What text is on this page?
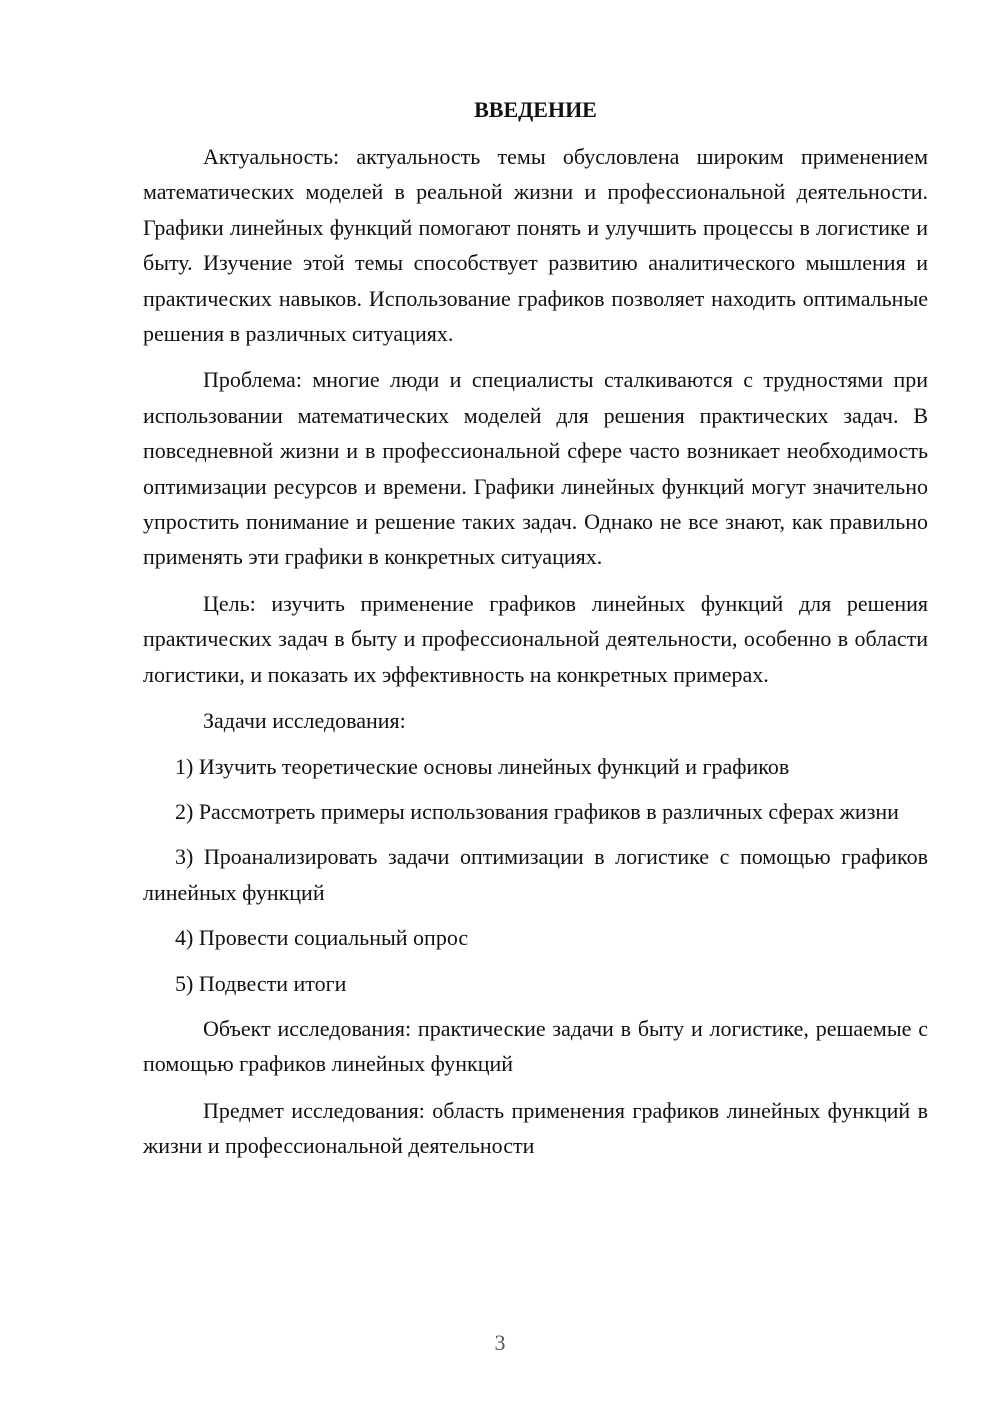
ВВЕДЕНИЕ

Актуальность: актуальность темы обусловлена широким применением математических моделей в реальной жизни и профессиональной деятельности. Графики линейных функций помогают понять и улучшить процессы в логистике и быту. Изучение этой темы способствует развитию аналитического мышления и практических навыков. Использование графиков позволяет находить оптимальные решения в различных ситуациях.

Проблема: многие люди и специалисты сталкиваются с трудностями при использовании математических моделей для решения практических задач. В повседневной жизни и в профессиональной сфере часто возникает необходимость оптимизации ресурсов и времени. Графики линейных функций могут значительно упростить понимание и решение таких задач. Однако не все знают, как правильно применять эти графики в конкретных ситуациях.

Цель: изучить применение графиков линейных функций для решения практических задач в быту и профессиональной деятельности, особенно в области логистики, и показать их эффективность на конкретных примерах.

Задачи исследования:

1) Изучить теоретические основы линейных функций и графиков

2) Рассмотреть примеры использования графиков в различных сферах жизни

3) Проанализировать задачи оптимизации в логистике с помощью графиков линейных функций

4) Провести социальный опрос

5) Подвести итоги

Объект исследования: практические задачи в быту и логистике, решаемые с помощью графиков линейных функций

Предмет исследования: область применения графиков линейных функций в жизни и профессиональной деятельности

3
